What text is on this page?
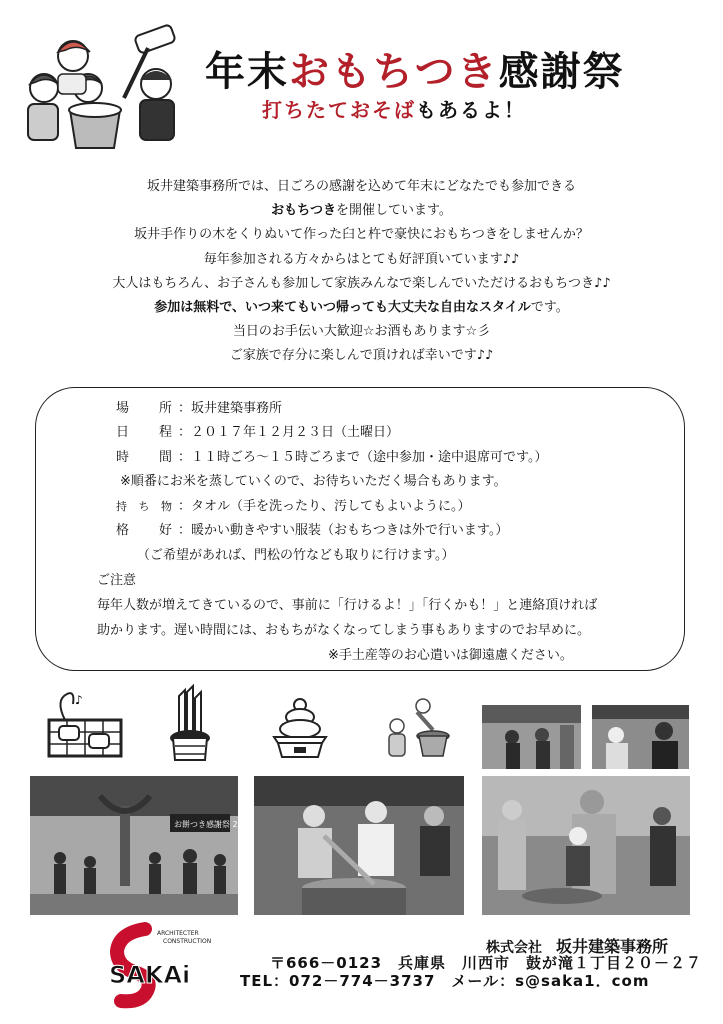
年末おもちつき感謝祭
打ちたておそばもあるよ！
坂井建築事務所では、日ごろの感謝を込めて年末にどなたでも参加できる
おもちつきを開催しています。
坂井手作りの木をくりぬいて作った臼と杵で豪快におもちつきをしませんか？
毎年参加される方々からはとても好評頂いています♪♪
大人はもちろん、お子さんも参加して家族みんなで楽しんでいただけるおもちつき♪♪
参加は無料で、いつ来てもいつ帰っても大丈夫な自由なスタイルです。
当日のお手伝い大歓迎☆お酒もあります☆彡
ご家族で存分に楽しんで頂ければ幸いです♪♪
場 所 ：坂井建築事務所
日 程 ：２０１７年１２月２３日（土曜日）
時 間 ：１１時ごろ～１５時ごろまで （途中参加・途中退席可です。）
※順番にお米を蒸していくので、お待ちいただく場合もあります。
持 ち 物 ：タオル（手を洗ったり、汚してもよいように。）
格 好 ：暖かい動きやすい服装（おもちつきは外で行います。）
（ご希望があれば、門松の竹なども取りに行けます。）
ご注意
毎年人数が増えてきているので、事前に「行けるよ！」「行くかも！」と連絡頂ければ
助かります。遅い時間には、おもちがなくなってしまう事もありますのでお早めに。
※手土産等のお心遣いは御遠慮ください。
♪
お餅つき感謝祭 2016
ARCHITECTER
CONSTRUCTION
SAKAi
株式会社　 坂井建築事務所
〒666－0123　兵庫県　川西市　鼓が滝１丁目２０－２７
TEL：072－774－3737　メール：s@saka1．com
